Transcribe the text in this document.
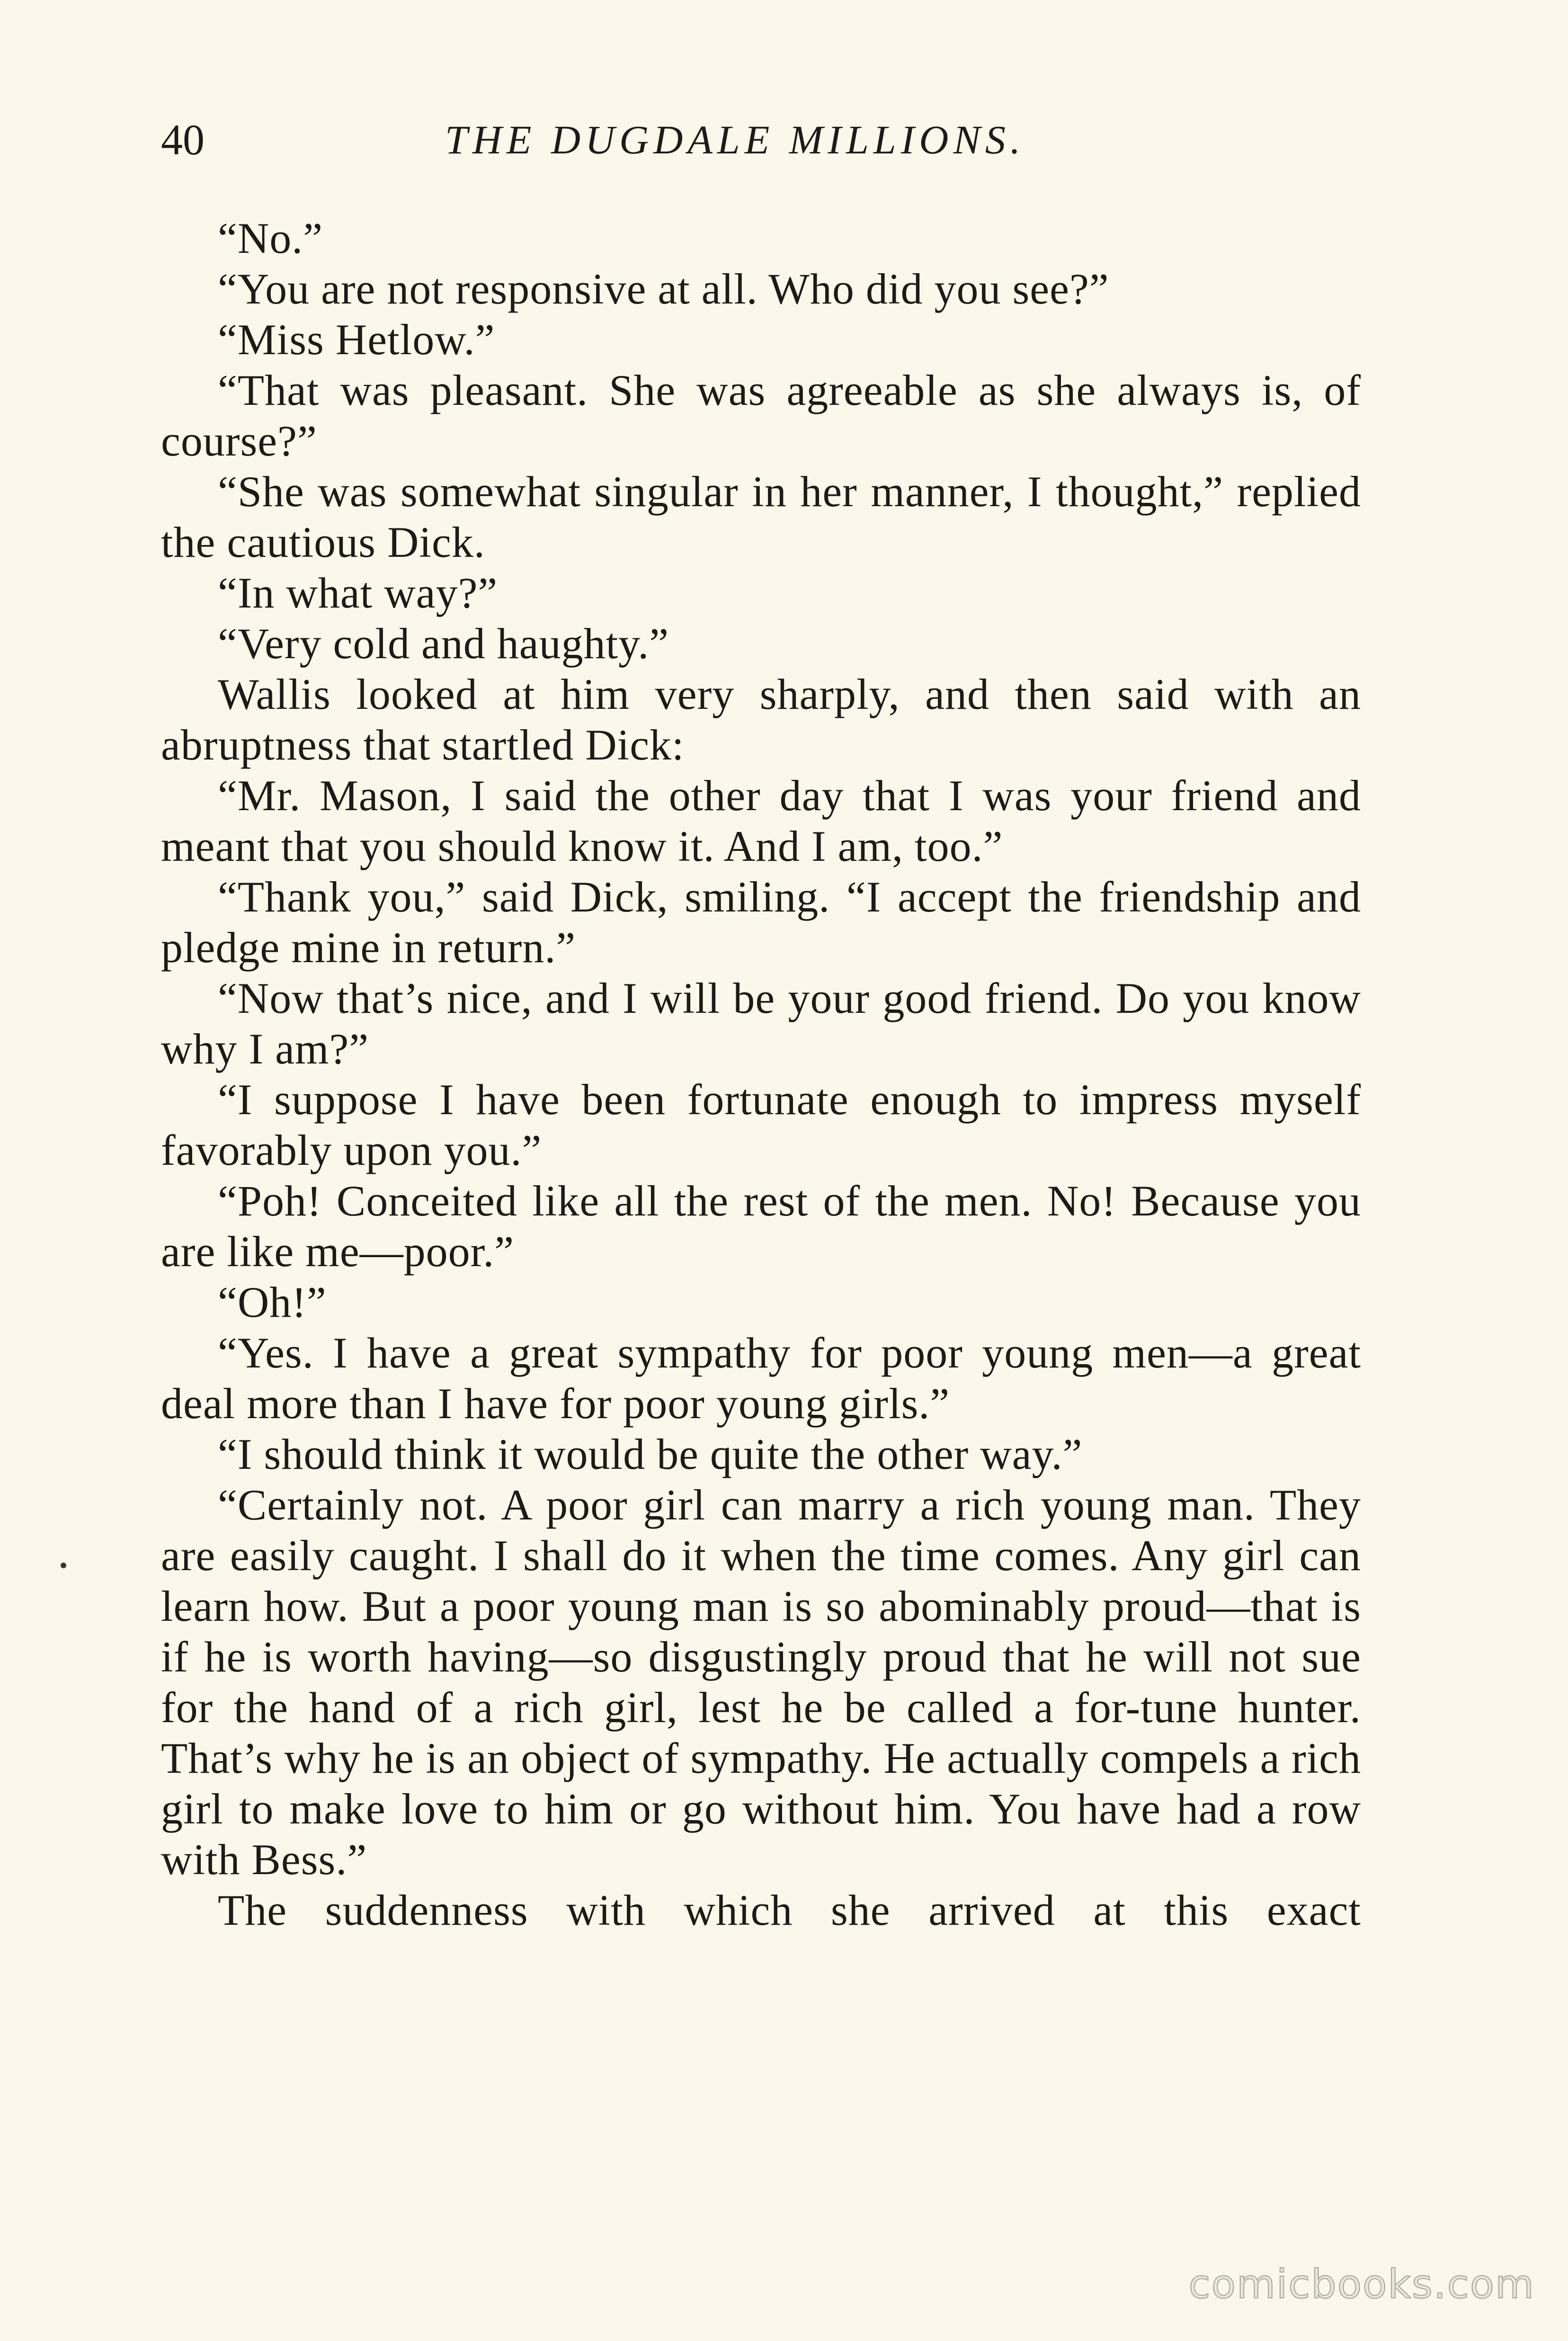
40	THE DUGDALE MILLIONS.

“No.”

“You are not responsive at all. Who did you see?”

“Miss Hetlow.”

“That was pleasant. She was agreeable as she always is, of course?”

“She was somewhat singular in her manner, I thought,” replied the cautious Dick.

“In what way?”

“Very cold and haughty.”

Wallis looked at him very sharply, and then said with an abruptness that startled Dick:

“Mr. Mason, I said the other day that I was your friend and meant that you should know it. And I am, too.”

“Thank you,” said Dick, smiling. “I accept the friendship and pledge mine in return.”

“Now that’s nice, and I will be your good friend. Do you know why I am?”

“I suppose I have been fortunate enough to impress myself favorably upon you.”

“Poh! Conceited like all the rest of the men. No! Because you are like me—poor.”

“Oh!”

“Yes. I have a great sympathy for poor young men—a great deal more than I have for poor young girls.”

“I should think it would be quite the other way.”

“Certainly not. A poor girl can marry a rich young man. They are easily caught. I shall do it when the time comes. Any girl can learn how. But a poor young man is so abominably proud—that is if he is worth having—so disgustingly proud that he will not sue for the hand of a rich girl, lest he be called a for-tune hunter. That’s why he is an object of sympathy. He actually compels a rich girl to make love to him or go without him. You have had a row with Bess.”

The suddenness with which she arrived at this exact

comicbooks.com
